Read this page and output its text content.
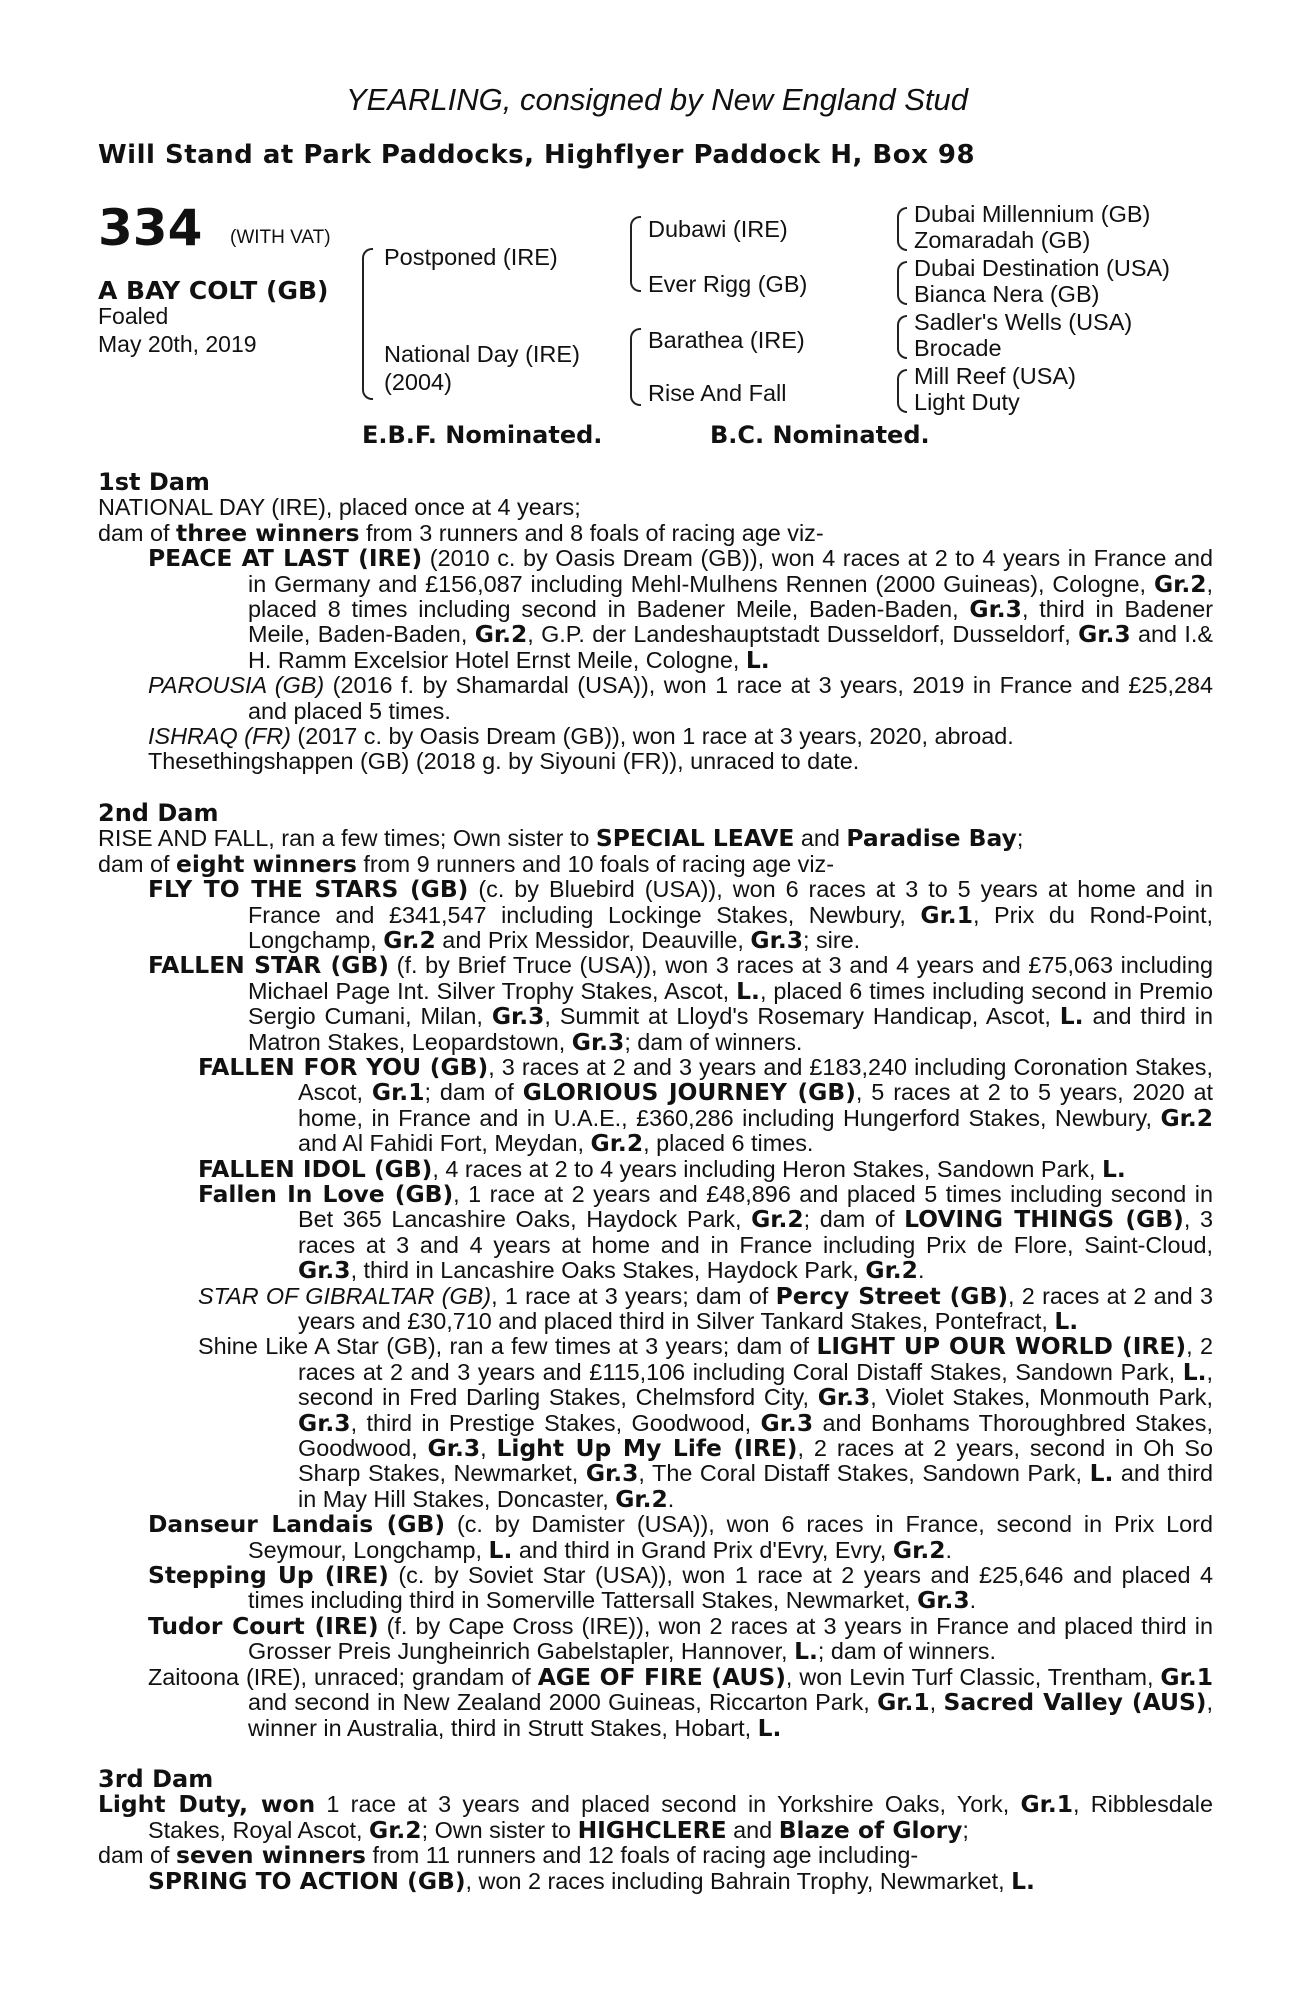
YEARLING, consigned by New England Stud
Will Stand at Park Paddocks, Highflyer Paddock H, Box 98
334 (WITH VAT)
A BAY COLT (GB)
Foaled
May 20th, 2019
Postponed (IRE)
National Day (IRE)
(2004)
Dubawi (IRE)
Ever Rigg (GB)
Barathea (IRE)
Rise And Fall
Dubai Millennium (GB)
Zomaradah (GB)
Dubai Destination (USA)
Bianca Nera (GB)
Sadler's Wells (USA)
Brocade
Mill Reef (USA)
Light Duty
E.B.F. Nominated.	B.C. Nominated.

1st Dam

NATIONAL DAY (IRE), placed once at 4 years;

dam of three winners from 3 runners and 8 foals of racing age viz-

PEACE AT LAST (IRE) (2010 c. by Oasis Dream (GB)), won 4 races at 2 to 4 years in France and in Germany and £156,087 including Mehl-Mulhens Rennen (2000 Guineas), Cologne, Gr.2, placed 8 times including second in Badener Meile, Baden-Baden, Gr.3, third in Badener Meile, Baden-Baden, Gr.2, G.P. der Landeshauptstadt Dusseldorf, Dusseldorf, Gr.3 and I.& H. Ramm Excelsior Hotel Ernst Meile, Cologne, L.

PAROUSIA (GB) (2016 f. by Shamardal (USA)), won 1 race at 3 years, 2019 in France and £25,284 and placed 5 times.

ISHRAQ (FR) (2017 c. by Oasis Dream (GB)), won 1 race at 3 years, 2020, abroad.

Thesethingshappen (GB) (2018 g. by Siyouni (FR)), unraced to date.

2nd Dam

RISE AND FALL, ran a few times; Own sister to SPECIAL LEAVE and Paradise Bay;

dam of eight winners from 9 runners and 10 foals of racing age viz-

FLY TO THE STARS (GB) (c. by Bluebird (USA)), won 6 races at 3 to 5 years at home and in France and £341,547 including Lockinge Stakes, Newbury, Gr.1, Prix du Rond-Point, Longchamp, Gr.2 and Prix Messidor, Deauville, Gr.3; sire.

FALLEN STAR (GB) (f. by Brief Truce (USA)), won 3 races at 3 and 4 years and £75,063 including Michael Page Int. Silver Trophy Stakes, Ascot, L., placed 6 times including second in Premio Sergio Cumani, Milan, Gr.3, Summit at Lloyd's Rosemary Handicap, Ascot, L. and third in Matron Stakes, Leopardstown, Gr.3; dam of winners.

FALLEN FOR YOU (GB), 3 races at 2 and 3 years and £183,240 including Coronation Stakes, Ascot, Gr.1; dam of GLORIOUS JOURNEY (GB), 5 races at 2 to 5 years, 2020 at home, in France and in U.A.E., £360,286 including Hungerford Stakes, Newbury, Gr.2 and Al Fahidi Fort, Meydan, Gr.2, placed 6 times.

FALLEN IDOL (GB), 4 races at 2 to 4 years including Heron Stakes, Sandown Park, L.

Fallen In Love (GB), 1 race at 2 years and £48,896 and placed 5 times including second in Bet 365 Lancashire Oaks, Haydock Park, Gr.2; dam of LOVING THINGS (GB), 3 races at 3 and 4 years at home and in France including Prix de Flore, Saint-Cloud, Gr.3, third in Lancashire Oaks Stakes, Haydock Park, Gr.2.

STAR OF GIBRALTAR (GB), 1 race at 3 years; dam of Percy Street (GB), 2 races at 2 and 3 years and £30,710 and placed third in Silver Tankard Stakes, Pontefract, L.

Shine Like A Star (GB), ran a few times at 3 years; dam of LIGHT UP OUR WORLD (IRE), 2 races at 2 and 3 years and £115,106 including Coral Distaff Stakes, Sandown Park, L., second in Fred Darling Stakes, Chelmsford City, Gr.3, Violet Stakes, Monmouth Park, Gr.3, third in Prestige Stakes, Goodwood, Gr.3 and Bonhams Thoroughbred Stakes, Goodwood, Gr.3, Light Up My Life (IRE), 2 races at 2 years, second in Oh So Sharp Stakes, Newmarket, Gr.3, The Coral Distaff Stakes, Sandown Park, L. and third in May Hill Stakes, Doncaster, Gr.2.

Danseur Landais (GB) (c. by Damister (USA)), won 6 races in France, second in Prix Lord Seymour, Longchamp, L. and third in Grand Prix d'Evry, Evry, Gr.2.

Stepping Up (IRE) (c. by Soviet Star (USA)), won 1 race at 2 years and £25,646 and placed 4 times including third in Somerville Tattersall Stakes, Newmarket, Gr.3.

Tudor Court (IRE) (f. by Cape Cross (IRE)), won 2 races at 3 years in France and placed third in Grosser Preis Jungheinrich Gabelstapler, Hannover, L.; dam of winners.

Zaitoona (IRE), unraced; grandam of AGE OF FIRE (AUS), won Levin Turf Classic, Trentham, Gr.1 and second in New Zealand 2000 Guineas, Riccarton Park, Gr.1, Sacred Valley (AUS), winner in Australia, third in Strutt Stakes, Hobart, L.

3rd Dam

Light Duty, won 1 race at 3 years and placed second in Yorkshire Oaks, York, Gr.1, Ribblesdale Stakes, Royal Ascot, Gr.2; Own sister to HIGHCLERE and Blaze of Glory;

dam of seven winners from 11 runners and 12 foals of racing age including-

SPRING TO ACTION (GB), won 2 races including Bahrain Trophy, Newmarket, L.
